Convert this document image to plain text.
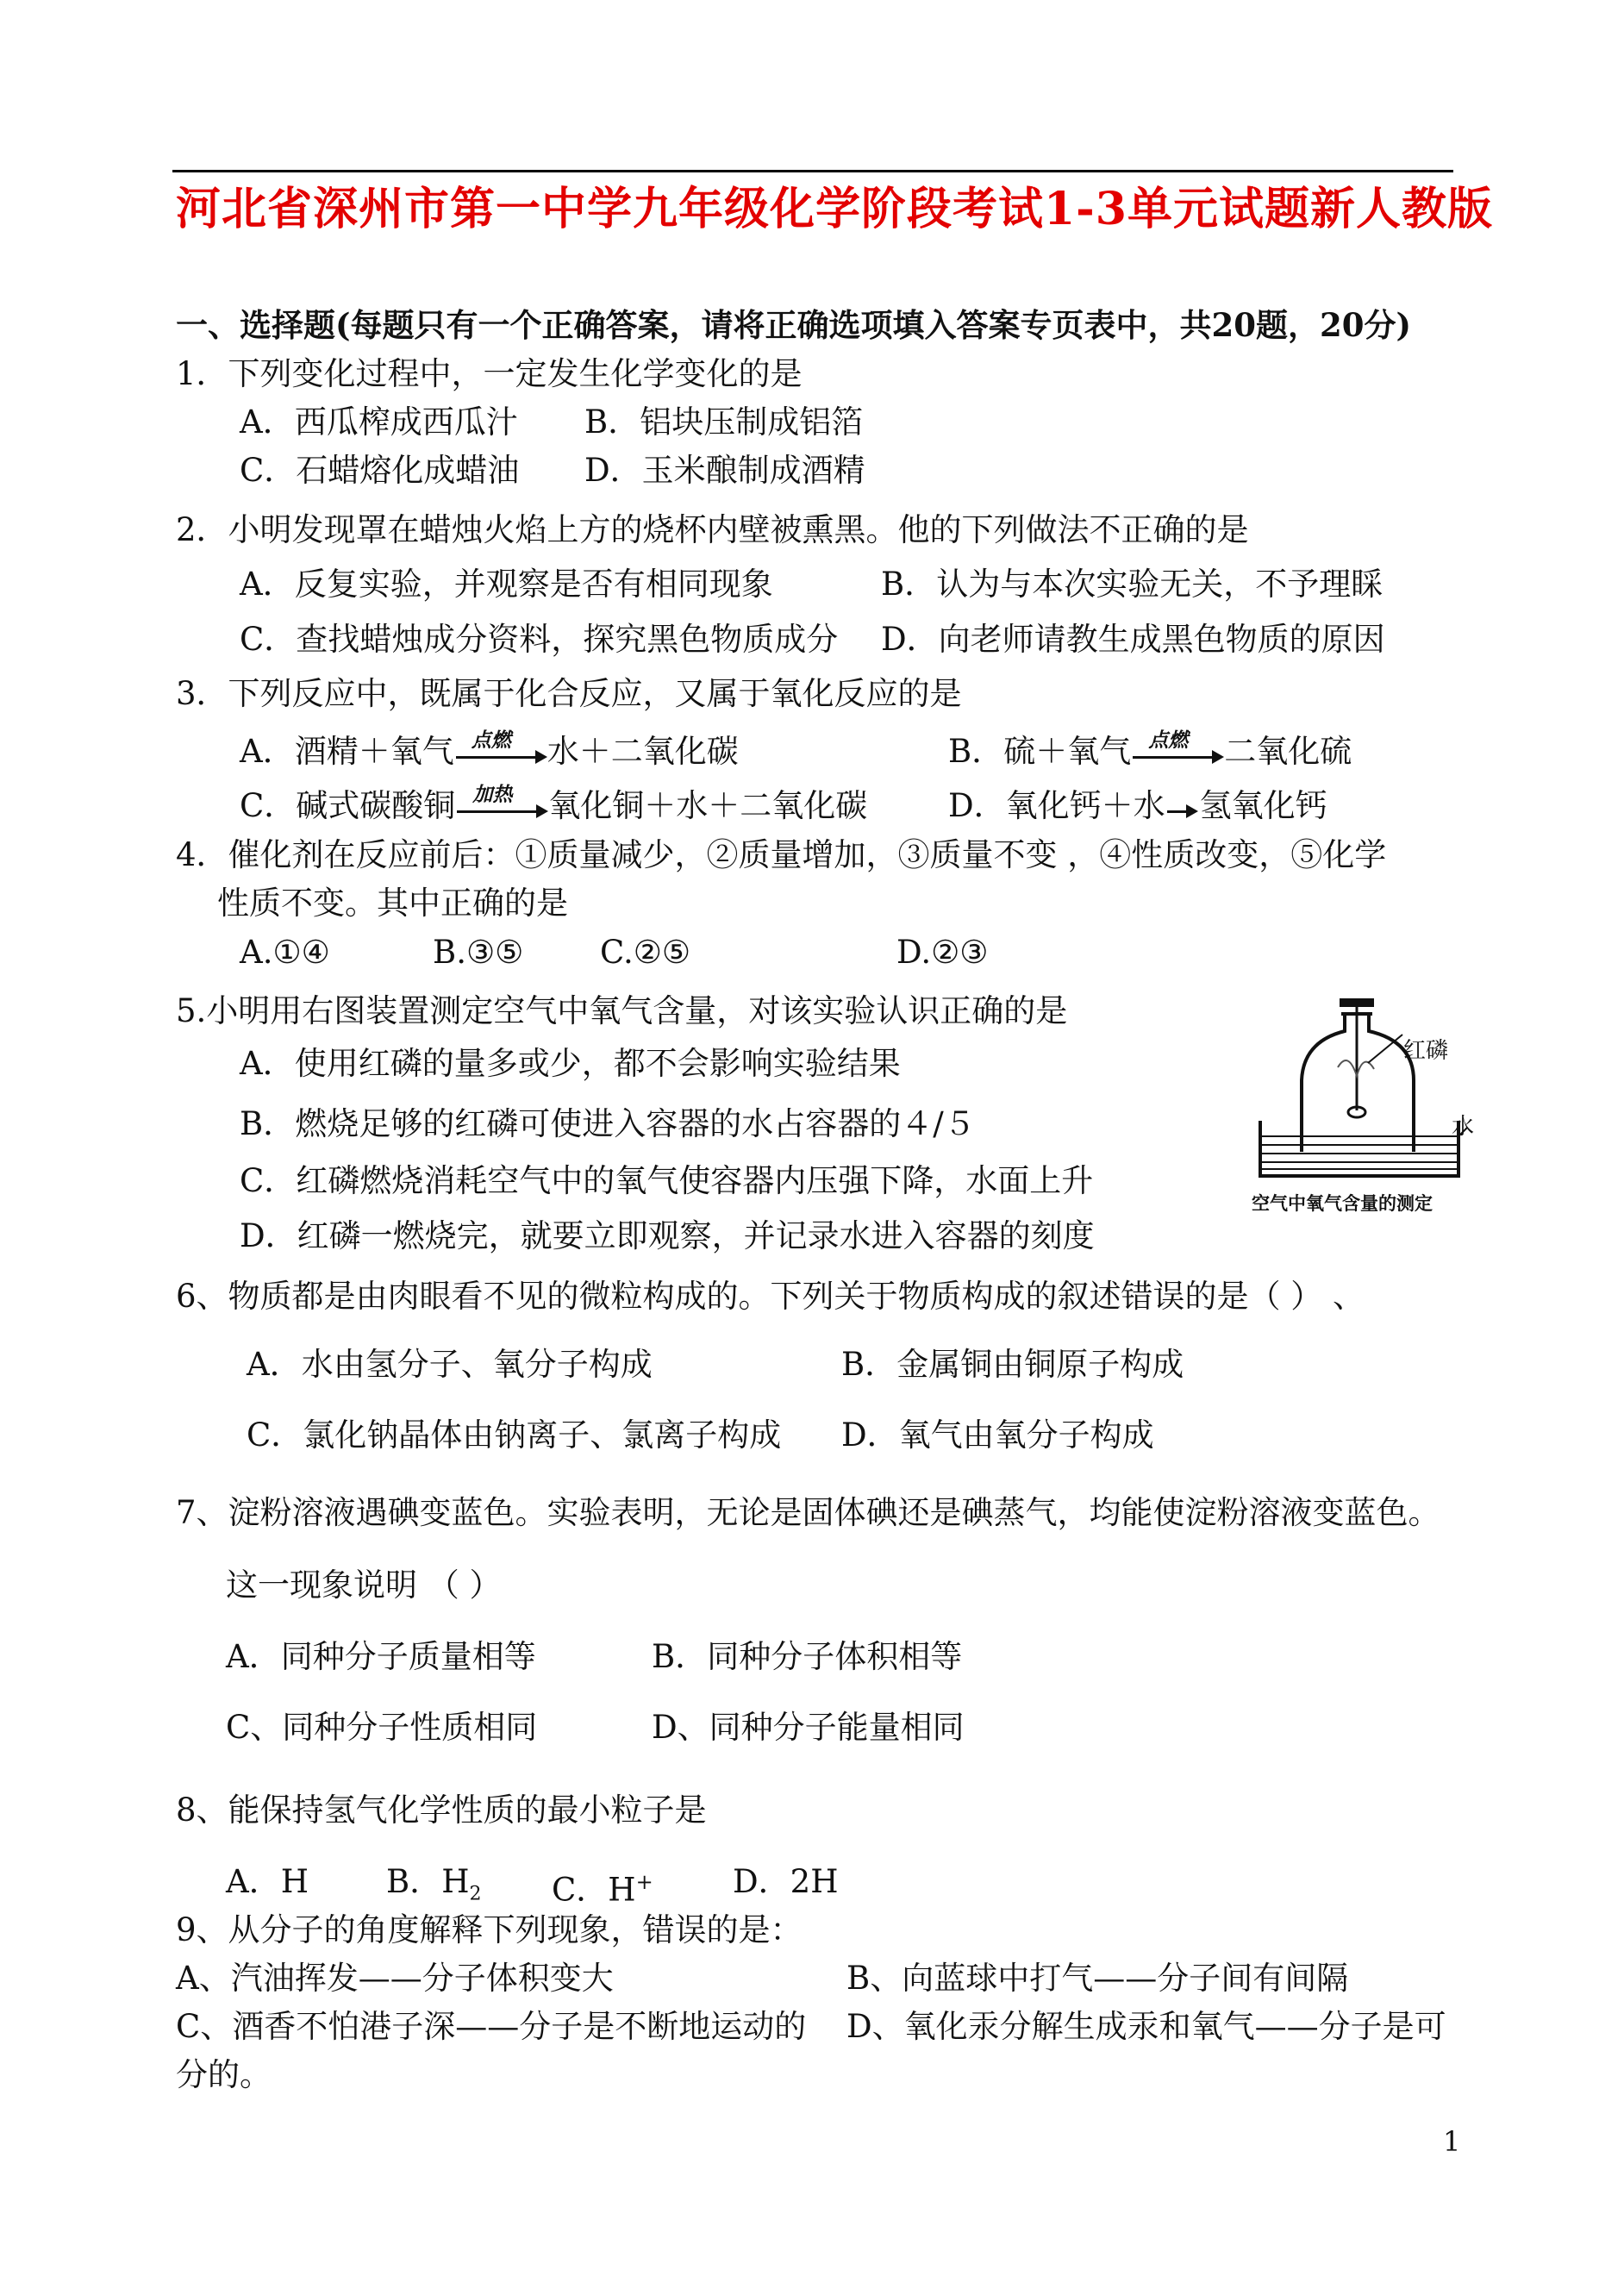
河北省深州市第一中学九年级化学阶段考试1-3单元试题新人教版
一、选择题(每题只有一个正确答案，请将正确选项填入答案专页表中，共20题，20分)
1．下列变化过程中，一定发生化学变化的是
A．西瓜榨成西瓜汁 B．铝块压制成铝箔
C．石蜡熔化成蜡油 D．玉米酿制成酒精
2．小明发现罩在蜡烛火焰上方的烧杯内壁被熏黑。他的下列做法不正确的是
A．反复实验，并观察是否有相同现象	B．认为与本次实验无关，不予理睬
C．查找蜡烛成分资料，探究黑色物质成分 D．向老师请教生成黑色物质的原因
3．下列反应中，既属于化合反应，又属于氧化反应的是
A．酒精＋氧气 点燃 水＋二氧化碳	B．硫＋氧气 点燃 二氧化硫
C．碱式碳酸铜 加热 氧化铜＋水＋二氧化碳	D．氧化钙＋水 氢氧化钙
4．催化剂在反应前后：①质量减少，②质量增加，③质量不变 ，④性质改变，⑤化学
性质不变。其中正确的是
A.①④	B.③⑤ C.②⑤	D.②③
5.小明用右图装置测定空气中氧气含量，对该实验认识正确的是
A．使用红磷的量多或少，都不会影响实验结果
B．燃烧足够的红磷可使进入容器的水占容器的４/５
C．红磷燃烧消耗空气中的氧气使容器内压强下降，水面上升
D．红磷一燃烧完，就要立即观察，并记录水进入容器的刻度
红磷
水
空气中氧气含量的测定
6、物质都是由肉眼看不见的微粒构成的。下列关于物质构成的叙述错误的是（ ） 、
A．水由氢分子、氧分子构成	B．金属铜由铜原子构成
C．氯化钠晶体由钠离子、氯离子构成 D．氧气由氧分子构成
7、淀粉溶液遇碘变蓝色。实验表明，无论是固体碘还是碘蒸气，均能使淀粉溶液变蓝色。
这一现象说明 （ ）
A．同种分子质量相等	B．同种分子体积相等
C、同种分子性质相同	D、同种分子能量相同
8、能保持氢气化学性质的最小粒子是
A．H B．$H_2$ C．H+ D．2H
9、从分子的角度解释下列现象，错误的是：
A、汽油挥发——分子体积变大	B、向蓝球中打气——分子间有间隔
C、酒香不怕港子深——分子是不断地运动的 D、氧化汞分解生成汞和氧气——分子是可
分的。
1
